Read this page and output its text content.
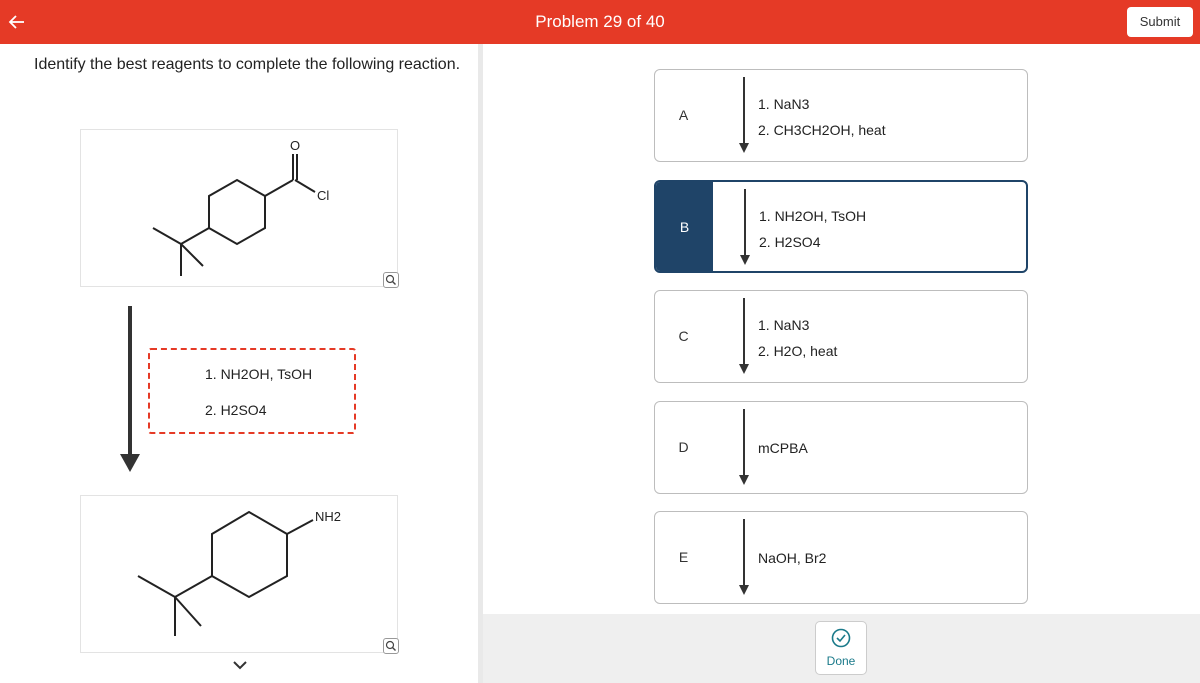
Problem 29 of 40	Submit
Identify the best reagents to complete the following reaction.
O
Cl
1. NH2OH, TsOH
2. H2SO4
NH2
A
1. NaN3
2. CH3CH2OH, heat
B
1. NH2OH, TsOH
2. H2SO4
C
1. NaN3
2. H2O, heat
D	mCPBA
E	NaOH, Br2
Done
